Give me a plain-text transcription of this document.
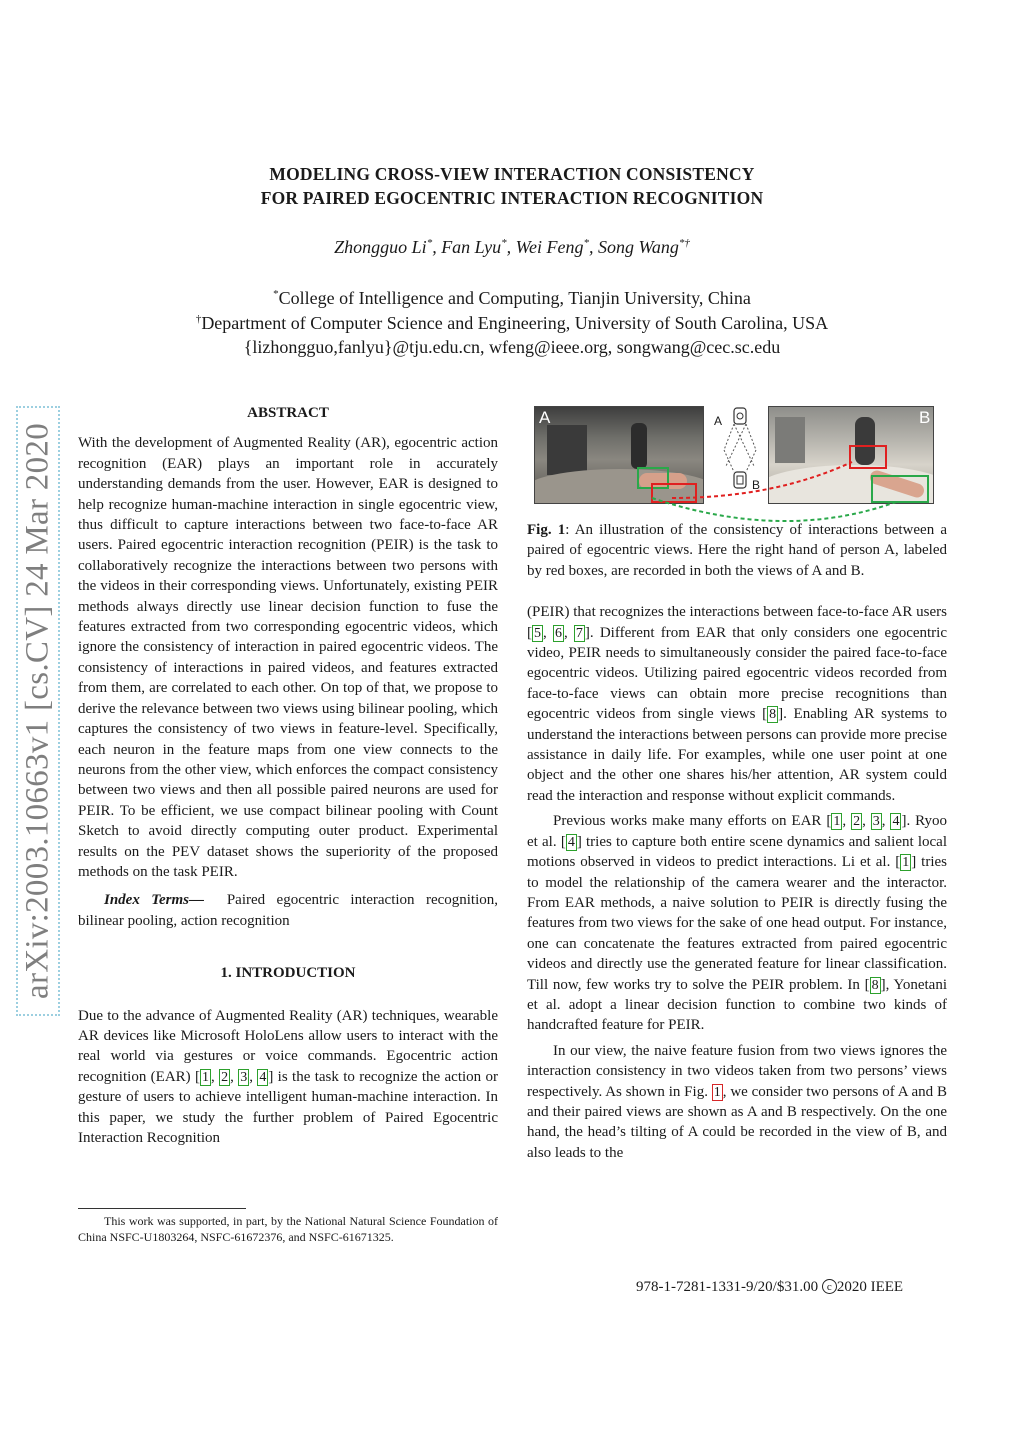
MODELING CROSS-VIEW INTERACTION CONSISTENCY
FOR PAIRED EGOCENTRIC INTERACTION RECOGNITION
Zhongguo Li*, Fan Lyu*, Wei Feng*, Song Wang*†
*College of Intelligence and Computing, Tianjin University, China
†Department of Computer Science and Engineering, University of South Carolina, USA
{lizhongguo,fanlyu}@tju.edu.cn, wfeng@ieee.org, songwang@cec.sc.edu
arXiv:2003.10663v1 [cs.CV] 24 Mar 2020
ABSTRACT

With the development of Augmented Reality (AR), egocentric action recognition (EAR) plays an important role in accurately understanding demands from the user. However, EAR is designed to help recognize human-machine interaction in single egocentric view, thus difficult to capture interactions between two face-to-face AR users. Paired egocentric interaction recognition (PEIR) is the task to collaboratively recognize the interactions between two persons with the videos in their corresponding views. Unfortunately, existing PEIR methods always directly use linear decision function to fuse the features extracted from two corresponding egocentric videos, which ignore the consistency of interaction in paired egocentric videos. The consistency of interactions in paired videos, and features extracted from them, are correlated to each other. On top of that, we propose to derive the relevance between two views using bilinear pooling, which captures the consistency of two views in feature-level. Specifically, each neuron in the feature maps from one view connects to the neurons from the other view, which enforces the compact consistency between two views and then all possible paired neurons are used for PEIR. To be efficient, we use compact bilinear pooling with Count Sketch to avoid directly computing outer product. Experimental results on the PEV dataset shows the superiority of the proposed methods on the task PEIR.

Index Terms— Paired egocentric interaction recognition, bilinear pooling, action recognition

1. INTRODUCTION

Due to the advance of Augmented Reality (AR) techniques, wearable AR devices like Microsoft HoloLens allow users to interact with the real world via gestures or voice commands. Egocentric action recognition (EAR) [ 1 , 2 , 3 , 4 ] is the task to recognize the action or gesture of users to achieve intelligent human-machine interaction. In this paper, we study the further problem of Paired Egocentric Interaction Recognition

This work was supported, in part, by the National Natural Science Foundation of China NSFC-U1803264, NSFC-61672376, and NSFC-61671325.

A	A
B
B

Fig. 1: An illustration of the consistency of interactions between a paired of egocentric views. Here the right hand of person A, labeled by red boxes, are recorded in both the views of A and B.

(PEIR) that recognizes the interactions between face-to-face AR users [ 5 , 6 , 7 ]. Different from EAR that only considers one egocentric video, PEIR needs to simultaneously consider the paired face-to-face egocentric videos. Utilizing paired egocentric videos recorded from face-to-face views can obtain more precise recognitions than egocentric videos from single views [ 8 ]. Enabling AR systems to understand the interactions between persons can provide more precise assistance in daily life. For examples, while one user point at one object and the other one shares his/her attention, AR system could read the interaction and response without explicit commands.

Previous works make many efforts on EAR [ 1 , 2 , 3 , 4 ]. Ryoo et al. [ 4 ] tries to capture both entire scene dynamics and salient local motions observed in videos to predict interactions. Li et al. [ 1 ] tries to model the relationship of the camera wearer and the interactor. From EAR methods, a naive solution to PEIR is directly fusing the features from two views for the sake of one head output. For instance, one can concatenate the features extracted from paired egocentric videos and directly use the generated feature for linear classification. Till now, few works try to solve the PEIR problem. In [ 8 ], Yonetani et al. adopt a linear decision function to combine two kinds of handcrafted feature for PEIR.

In our view, the naive feature fusion from two views ignores the interaction consistency in two videos taken from two persons’ views respectively. As shown in Fig. 1 , we consider two persons of A and B and their paired views are shown as A and B respectively. On the one hand, the head’s tilting of A could be recorded in the view of B, and also leads to the

978-1-7281-1331-9/20/$31.00 c 2020 IEEE
